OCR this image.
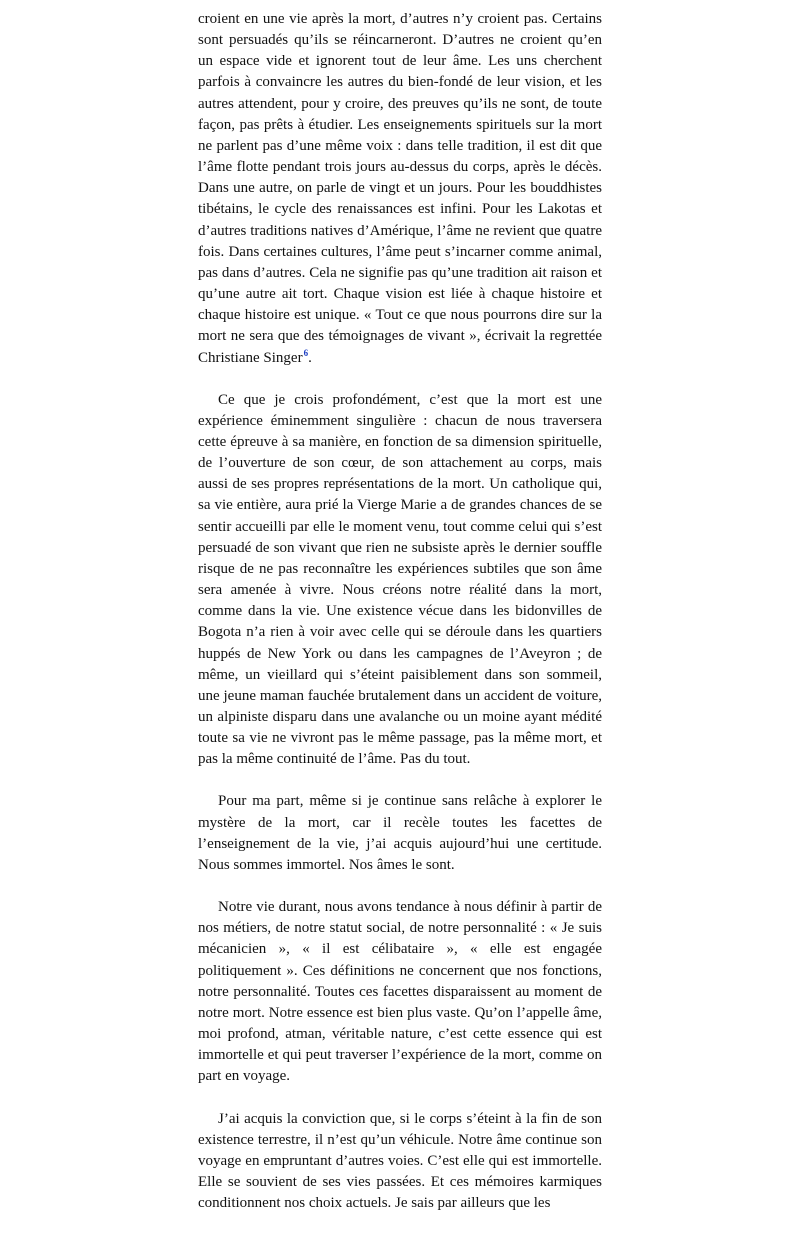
croient en une vie après la mort, d’autres n’y croient pas. Certains sont persuadés qu’ils se réincarneront. D’autres ne croient qu’en un espace vide et ignorent tout de leur âme. Les uns cherchent parfois à convaincre les autres du bien-fondé de leur vision, et les autres attendent, pour y croire, des preuves qu’ils ne sont, de toute façon, pas prêts à étudier. Les enseignements spirituels sur la mort ne parlent pas d’une même voix : dans telle tradition, il est dit que l’âme flotte pendant trois jours au-dessus du corps, après le décès. Dans une autre, on parle de vingt et un jours. Pour les bouddhistes tibétains, le cycle des renaissances est infini. Pour les Lakotas et d’autres traditions natives d’Amérique, l’âme ne revient que quatre fois. Dans certaines cultures, l’âme peut s’incarner comme animal, pas dans d’autres. Cela ne signifie pas qu’une tradition ait raison et qu’une autre ait tort. Chaque vision est liée à chaque histoire et chaque histoire est unique. « Tout ce que nous pourrons dire sur la mort ne sera que des témoignages de vivant », écrivait la regrettée Christiane Singer$^6$.

Ce que je crois profondément, c’est que la mort est une expérience éminemment singulière : chacun de nous traversera cette épreuve à sa manière, en fonction de sa dimension spirituelle, de l’ouverture de son cœur, de son attachement au corps, mais aussi de ses propres représentations de la mort. Un catholique qui, sa vie entière, aura prié la Vierge Marie a de grandes chances de se sentir accueilli par elle le moment venu, tout comme celui qui s’est persuadé de son vivant que rien ne subsiste après le dernier souffle risque de ne pas reconnaître les expériences subtiles que son âme sera amenée à vivre. Nous créons notre réalité dans la mort, comme dans la vie. Une existence vécue dans les bidonvilles de Bogota n’a rien à voir avec celle qui se déroule dans les quartiers huppés de New York ou dans les campagnes de l’Aveyron ; de même, un vieillard qui s’éteint paisiblement dans son sommeil, une jeune maman fauchée brutalement dans un accident de voiture, un alpiniste disparu dans une avalanche ou un moine ayant médité toute sa vie ne vivront pas le même passage, pas la même mort, et pas la même continuité de l’âme. Pas du tout.

Pour ma part, même si je continue sans relâche à explorer le mystère de la mort, car il recèle toutes les facettes de l’enseignement de la vie, j’ai acquis aujourd’hui une certitude. Nous sommes immortel. Nos âmes le sont.

Notre vie durant, nous avons tendance à nous définir à partir de nos métiers, de notre statut social, de notre personnalité : « Je suis mécanicien », « il est célibataire », « elle est engagée politiquement ». Ces définitions ne concernent que nos fonctions, notre personnalité. Toutes ces facettes disparaissent au moment de notre mort. Notre essence est bien plus vaste. Qu’on l’appelle âme, moi profond, atman, véritable nature, c’est cette essence qui est immortelle et qui peut traverser l’expérience de la mort, comme on part en voyage.

J’ai acquis la conviction que, si le corps s’éteint à la fin de son existence terrestre, il n’est qu’un véhicule. Notre âme continue son voyage en empruntant d’autres voies. C’est elle qui est immortelle. Elle se souvient de ses vies passées. Et ces mémoires karmiques conditionnent nos choix actuels. Je sais par ailleurs que les
